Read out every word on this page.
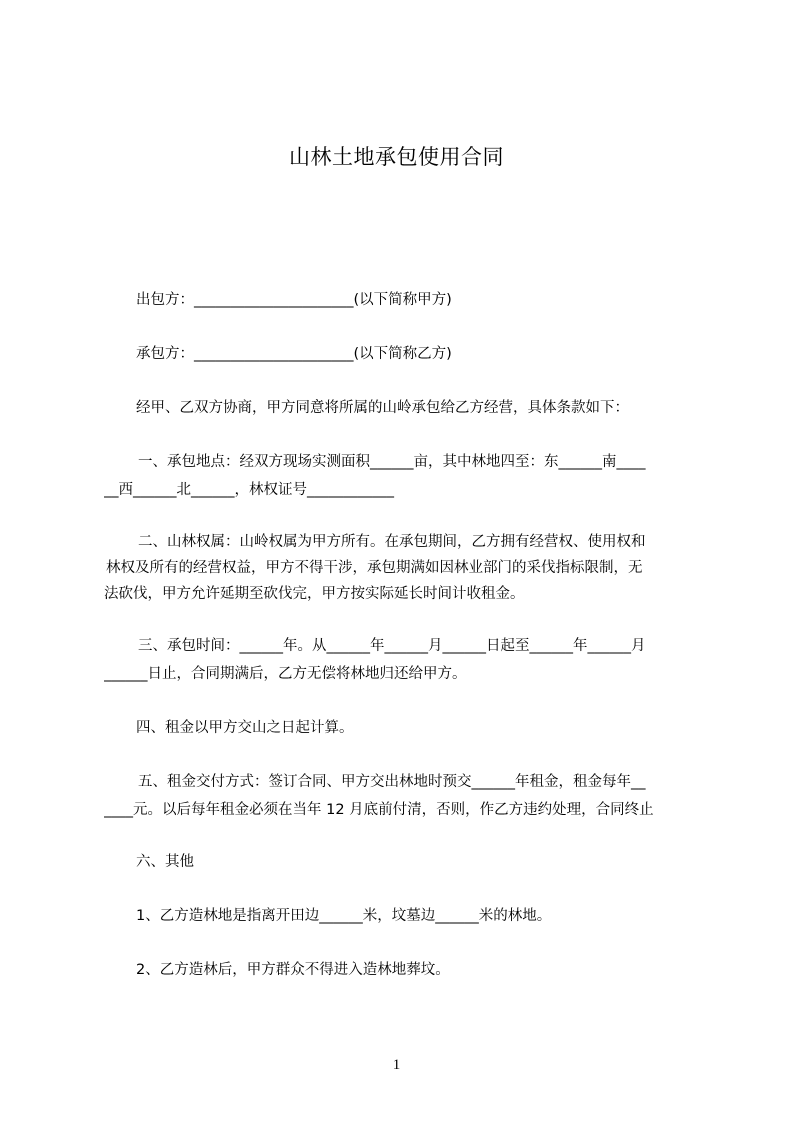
山林土地承包使用合同
出包方：______________________(以下简称甲方)
承包方：______________________(以下简称乙方)
经甲、乙双方协商，甲方同意将所属的山岭承包给乙方经营，具体条款如下：
一、承包地点：经双方现场实测面积______亩，其中林地四至：东______南____
__西______北______，林权证号____________
二、山林权属：山岭权属为甲方所有。在承包期间，乙方拥有经营权、使用权和
林权及所有的经营权益，甲方不得干涉，承包期满如因林业部门的采伐指标限制，无
法砍伐，甲方允许延期至砍伐完，甲方按实际延长时间计收租金。
三、承包时间：______年。从______年______月______日起至______年______月
______日止，合同期满后，乙方无偿将林地归还给甲方。
四、租金以甲方交山之日起计算。
五、租金交付方式：签订合同、甲方交出林地时预交______年租金，租金每年__
____元。以后每年租金必须在当年 12 月底前付清，否则，作乙方违约处理，合同终止
六、其他
1、乙方造林地是指离开田边______米，坟墓边______米的林地。
2、乙方造林后，甲方群众不得进入造林地葬坟。
1
